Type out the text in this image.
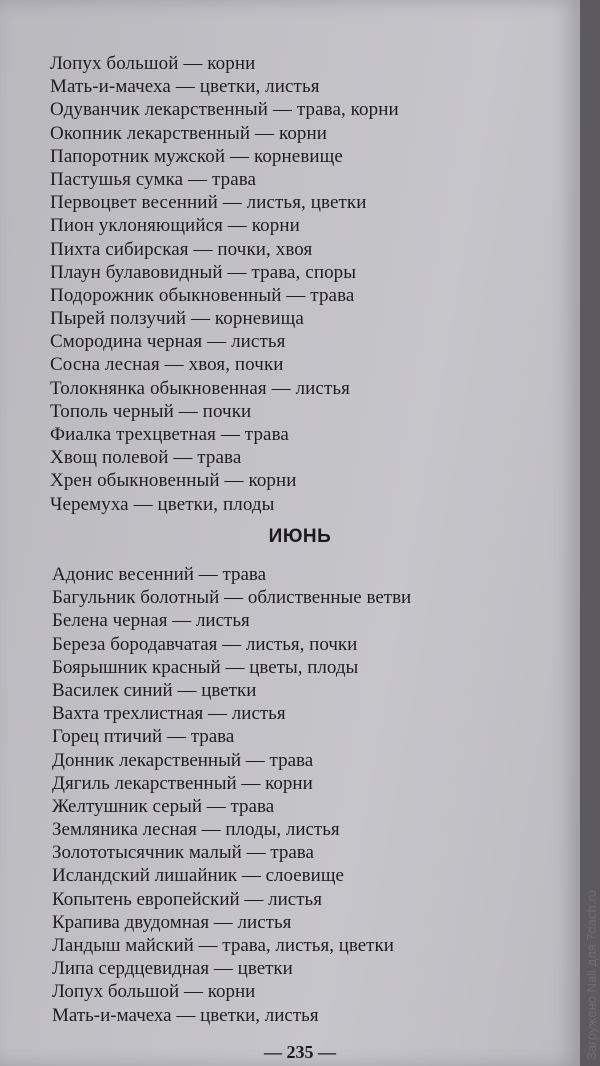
Лопух большой — корни
Мать-и-мачеха — цветки, листья
Одуванчик лекарственный — трава, корни
Окопник лекарственный — корни
Папоротник мужской — корневище
Пастушья сумка — трава
Первоцвет весенний — листья, цветки
Пион уклоняющийся — корни
Пихта сибирская — почки, хвоя
Плаун булавовидный — трава, споры
Подорожник обыкновенный — трава
Пырей ползучий — корневища
Смородина черная — листья
Сосна лесная — хвоя, почки
Толокнянка обыкновенная — листья
Тополь черный — почки
Фиалка трехцветная — трава
Хвощ полевой — трава
Хрен обыкновенный — корни
Черемуха — цветки, плоды
ИЮНЬ
Адонис весенний — трава
Багульник болотный — облиственные ветви
Белена черная — листья
Береза бородавчатая — листья, почки
Боярышник красный — цветы, плоды
Василек синий — цветки
Вахта трехлистная — листья
Горец птичий — трава
Донник лекарственный — трава
Дягиль лекарственный — корни
Желтушник серый — трава
Земляника лесная — плоды, листья
Золототысячник малый — трава
Исландский лишайник — слоевище
Копытень европейский — листья
Крапива двудомная — листья
Ландыш майский — трава, листья, цветки
Липа сердцевидная — цветки
Лопух большой — корни
Мать-и-мачеха — цветки, листья
— 235 —	Загружено Nali для 7dach.ru
